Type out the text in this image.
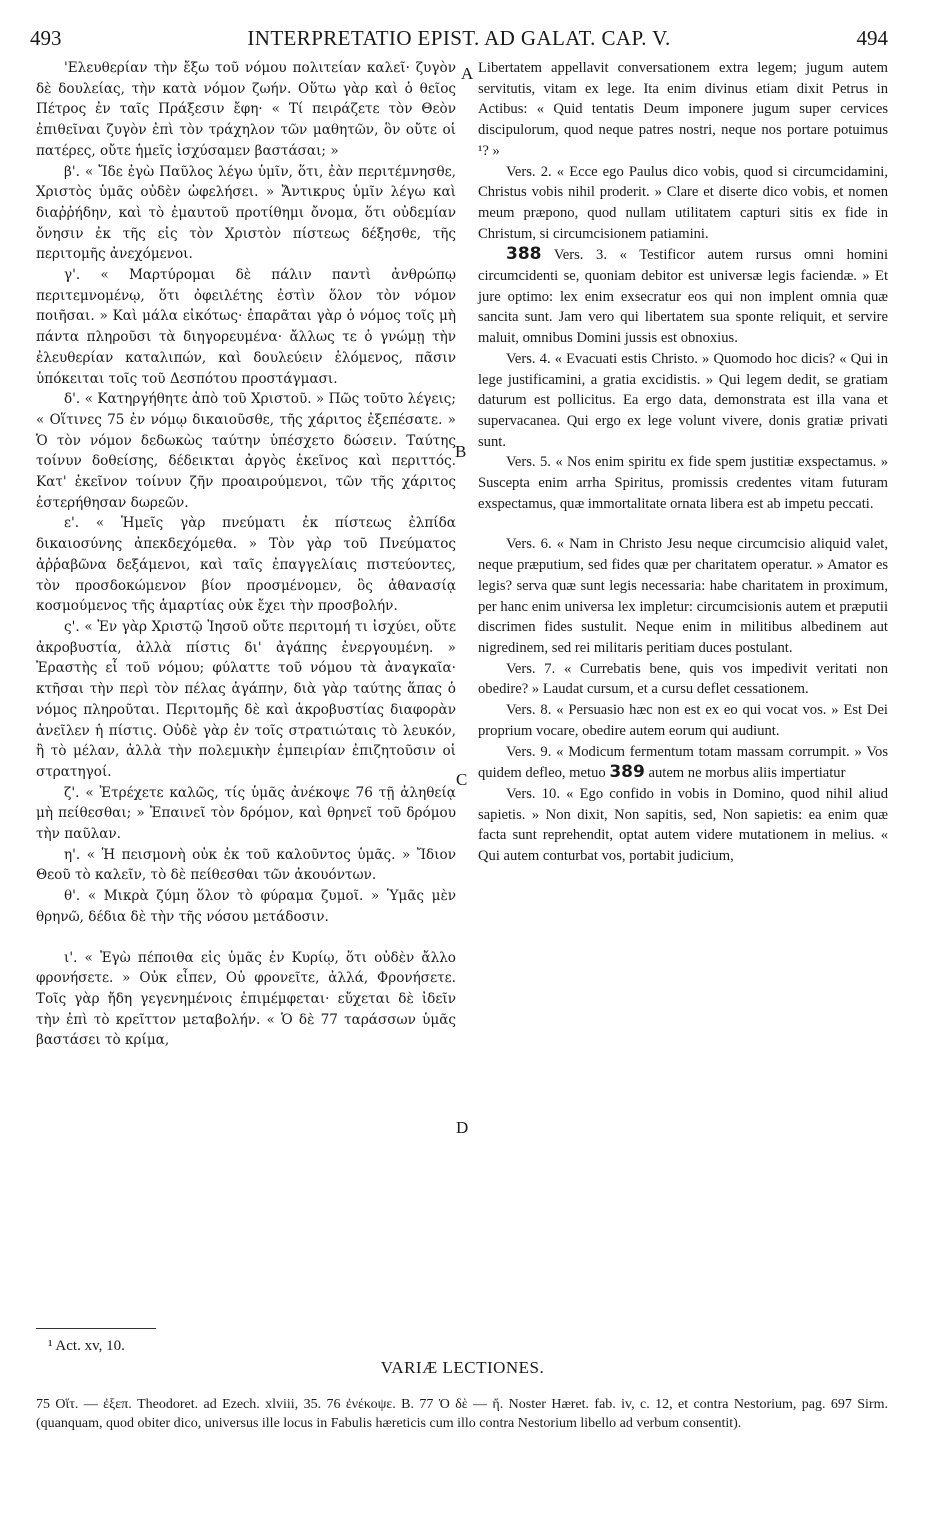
493	INTERPRETATIO EPIST. AD GALAT. CAP. V.	494

'Ελευθερίαν τὴν ἔξω τοῦ νόμου πολιτείαν καλεῖ· ζυγὸν δὲ δουλείας, τὴν κατὰ νόμον ζωήν. Οὕτω γὰρ καὶ ὁ θεῖος Πέτρος ἐν ταῖς Πράξεσιν ἔφη· « Τί πειράζετε τὸν Θεὸν ἐπιθεῖναι ζυγὸν ἐπὶ τὸν τράχηλον τῶν μαθητῶν, ὃν οὔτε οἱ πατέρες, οὔτε ἡμεῖς ἰσχύσαμεν βαστάσαι; »

β'. « Ἴδε ἐγὼ Παῦλος λέγω ὑμῖν, ὅτι, ἐὰν περιτέμνησθε, Χριστὸς ὑμᾶς οὐδὲν ὠφελήσει. » Ἄντικρυς ὑμῖν λέγω καὶ διαῤῥήδην, καὶ τὸ ἐμαυτοῦ προτίθημι ὄνομα, ὅτι οὐδεμίαν ὄνησιν ἐκ τῆς εἰς τὸν Χριστὸν πίστεως δέξησθε, τῆς περιτομῆς ἀνεχόμενοι.

γ'. « Μαρτύρομαι δὲ πάλιν παντὶ ἀνθρώπῳ περιτεμνομένῳ, ὅτι ὀφειλέτης ἐστὶν ὅλον τὸν νόμον ποιῆσαι. » Καὶ μάλα εἰκότως· ἐπαρᾶται γὰρ ὁ νόμος τοῖς μὴ πάντα πληροῦσι τὰ διηγορευμένα· ἄλλως τε ὁ γνώμῃ τὴν ἐλευθερίαν καταλιπών, καὶ δουλεύειν ἑλόμενος, πᾶσιν ὑπόκειται τοῖς τοῦ Δεσπότου προστάγμασι.

δ'. « Κατηργήθητε ἀπὸ τοῦ Χριστοῦ. » Πῶς τοῦτο λέγεις; « Οἵτινες 75 ἐν νόμῳ δικαιοῦσθε, τῆς χάριτος ἐξεπέσατε. » Ὁ τὸν νόμον δεδωκὼς ταύτην ὑπέσχετο δώσειν. Ταύτης τοίνυν δοθείσης, δέδεικται ἀργὸς ἐκεῖνος καὶ περιττός. Κατ' ἐκεῖνον τοίνυν ζῆν προαιρούμενοι, τῶν τῆς χάριτος ἐστερήθησαν δωρεῶν.

ε'. « Ἡμεῖς γὰρ πνεύματι ἐκ πίστεως ἐλπίδα δικαιοσύνης ἀπεκδεχόμεθα. » Τὸν γὰρ τοῦ Πνεύματος ἀῤῥαβῶνα δεξάμενοι, καὶ ταῖς ἐπαγγελίαις πιστεύοντες, τὸν προσδοκώμενον βίον προσμένομεν, ὃς ἀθανασίᾳ κοσμούμενος τῆς ἁμαρτίας οὐκ ἔχει τὴν προσβολήν.

ς'. « Ἐν γὰρ Χριστῷ Ἰησοῦ οὔτε περιτομή τι ἰσχύει, οὔτε ἀκροβυστία, ἀλλὰ πίστις δι' ἀγάπης ἐνεργουμένη. » Ἐραστὴς εἶ τοῦ νόμου; φύλαττε τοῦ νόμου τὰ ἀναγκαῖα· κτῆσαι τὴν περὶ τὸν πέλας ἀγάπην, διὰ γὰρ ταύτης ἅπας ὁ νόμος πληροῦται. Περιτομῆς δὲ καὶ ἀκροβυστίας διαφορὰν ἀνεῖλεν ἡ πίστις. Οὐδὲ γὰρ ἐν τοῖς στρατιώταις τὸ λευκόν, ἢ τὸ μέλαν, ἀλλὰ τὴν πολεμικὴν ἐμπειρίαν ἐπιζητοῦσιν οἱ στρατηγοί.

ζ'. « Ἐτρέχετε καλῶς, τίς ὑμᾶς ἀνέκοψε 76 τῇ ἀληθείᾳ μὴ πείθεσθαι; » Ἐπαινεῖ τὸν δρόμον, καὶ θρηνεῖ τοῦ δρόμου τὴν παῦλαν.

η'. « Ἡ πεισμονὴ οὐκ ἐκ τοῦ καλοῦντος ὑμᾶς. » Ἴδιον Θεοῦ τὸ καλεῖν, τὸ δὲ πείθεσθαι τῶν ἀκουόντων.

θ'. « Μικρὰ ζύμη ὅλον τὸ φύραμα ζυμοῖ. » Ὑμᾶς μὲν θρηνῶ, δέδια δὲ τὴν τῆς νόσου μετάδοσιν.

ι'. « Ἐγὼ πέποιθα εἰς ὑμᾶς ἐν Κυρίῳ, ὅτι οὐδὲν ἄλλο φρονήσετε. » Οὐκ εἶπεν, Οὐ φρονεῖτε, ἀλλά, Φρονήσετε. Τοῖς γὰρ ἤδη γεγενημένοις ἐπιμέμφεται· εὔχεται δὲ ἰδεῖν τὴν ἐπὶ τὸ κρεῖττον μεταβολήν. « Ὁ δὲ 77 ταράσσων ὑμᾶς βαστάσει τὸ κρίμα,

¹ Act. xv, 10.
A
B
C
D

Libertatem appellavit conversationem extra legem; jugum autem servitutis, vitam ex lege. Ita enim divinus etiam dixit Petrus in Actibus: « Quid tentatis Deum imponere jugum super cervices discipulorum, quod neque patres nostri, neque nos portare potuimus ¹? »

Vers. 2. « Ecce ego Paulus dico vobis, quod si circumcidamini, Christus vobis nihil proderit. » Clare et diserte dico vobis, et nomen meum præpono, quod nullam utilitatem capturi sitis ex fide in Christum, si circumcisionem patiamini.

388 Vers. 3. « Testificor autem rursus omni homini circumcidenti se, quoniam debitor est universæ legis faciendæ. » Et jure optimo: lex enim exsecratur eos qui non implent omnia quæ sancita sunt. Jam vero qui libertatem sua sponte reliquit, et servire maluit, omnibus Domini jussis est obnoxius.

Vers. 4. « Evacuati estis Christo. » Quomodo hoc dicis? « Qui in lege justificamini, a gratia excidistis. » Qui legem dedit, se gratiam daturum est pollicitus. Ea ergo data, demonstrata est illa vana et supervacanea. Qui ergo ex lege volunt vivere, donis gratiæ privati sunt.

Vers. 5. « Nos enim spiritu ex fide spem justitiæ exspectamus. » Suscepta enim arrha Spiritus, promissis credentes vitam futuram exspectamus, quæ immortalitate ornata libera est ab impetu peccati.

Vers. 6. « Nam in Christo Jesu neque circumcisio aliquid valet, neque præputium, sed fides quæ per charitatem operatur. » Amator es legis? serva quæ sunt legis necessaria: habe charitatem in proximum, per hanc enim universa lex impletur: circumcisionis autem et præputii discrimen fides sustulit. Neque enim in militibus albedinem aut nigredinem, sed rei militaris peritiam duces postulant.

Vers. 7. « Currebatis bene, quis vos impedivit veritati non obedire? » Laudat cursum, et a cursu deflet cessationem.

Vers. 8. « Persuasio hæc non est ex eo qui vocat vos. » Est Dei proprium vocare, obedire autem eorum qui audiunt.

Vers. 9. « Modicum fermentum totam massam corrumpit. » Vos quidem defleo, metuo 389 autem ne morbus aliis impertiatur

Vers. 10. « Ego confido in vobis in Domino, quod nihil aliud sapietis. » Non dixit, Non sapitis, sed, Non sapietis: ea enim quæ facta sunt reprehendit, optat autem videre mutationem in melius. « Qui autem conturbat vos, portabit judicium,

VARIÆ LECTIONES.

75 Οἵτ. — ἐξεπ. Theodoret. ad Ezech. xlviii, 35. 76 ἐνέκοψε. B. 77 Ὁ δὲ — ἤ. Noster Hæret. fab. iv, c. 12, et contra Nestorium, pag. 697 Sirm. (quanquam, quod obiter dico, universus ille locus in Fabulis hæreticis cum illo contra Nestorium libello ad verbum consentit).
